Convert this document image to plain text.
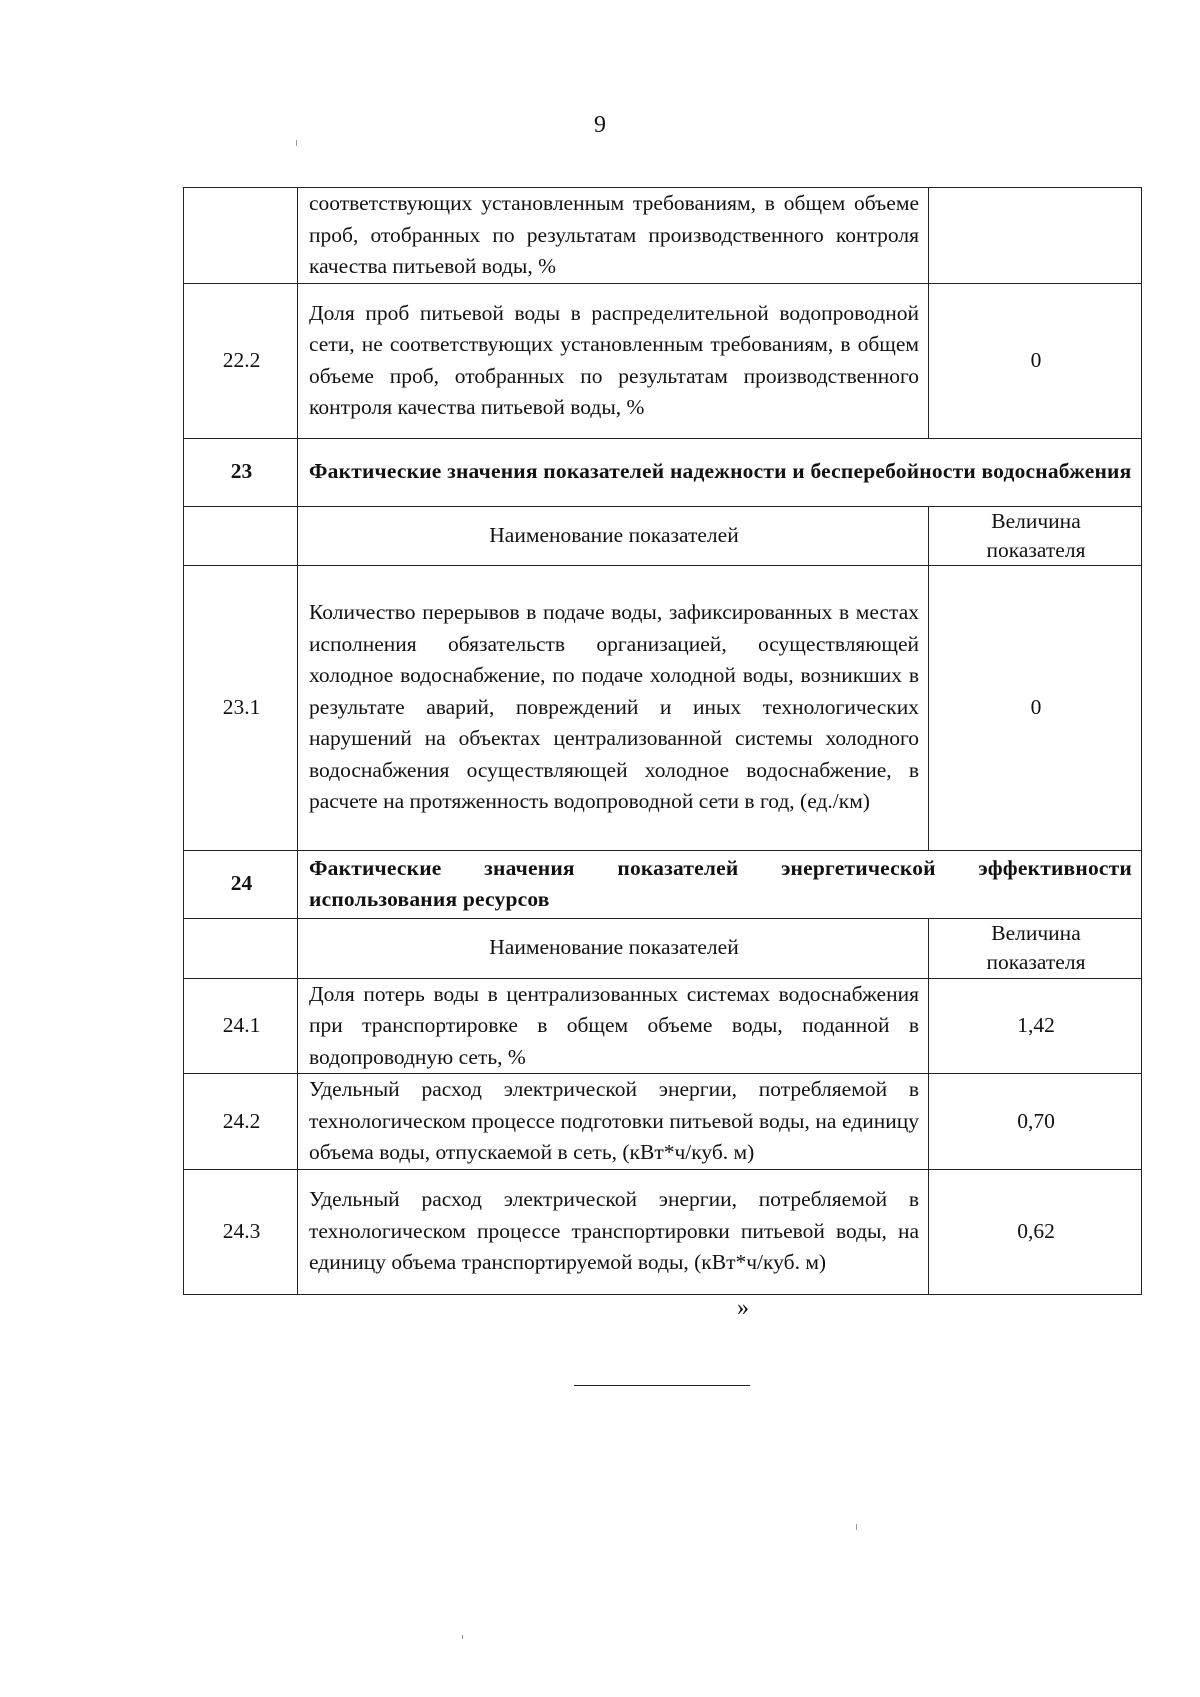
9
	соответствующих установленным требованиям, в общем объеме проб, отобранных по результатам производственного контроля качества питьевой воды, %	
22.2	Доля проб питьевой воды в распределительной водопроводной сети, не соответствующих установленным требованиям, в общем объеме проб, отобранных по результатам производственного контроля качества питьевой воды, %	0
23	Фактические значения показателей надежности и бесперебойности водоснабжения	
	Наименование показателей	Величина показателя
23.1	Количество перерывов в подаче воды, зафиксированных в местах исполнения обязательств организацией, осуществляющей холодное водоснабжение, по подаче холодной воды, возникших в результате аварий, повреждений и иных технологических нарушений на объектах централизованной системы холодного водоснабжения осуществляющей холодное водоснабжение, в расчете на протяженность водопроводной сети в год, (ед./км)	0
24	Фактические значения показателей энергетической эффективности использования ресурсов	
	Наименование показателей	Величина показателя
24.1	Доля потерь воды в централизованных системах водоснабжения при транспортировке в общем объеме воды, поданной в водопроводную сеть, %	1,42
24.2	Удельный расход электрической энергии, потребляемой в технологическом процессе подготовки питьевой воды, на единицу объема воды, отпускаемой в сеть, (кВт*ч/куб. м)	0,70
24.3	Удельный расход электрической энергии, потребляемой в технологическом процессе транспортировки питьевой воды, на единицу объема транспортируемой воды, (кВт*ч/куб. м)	0,62
»
